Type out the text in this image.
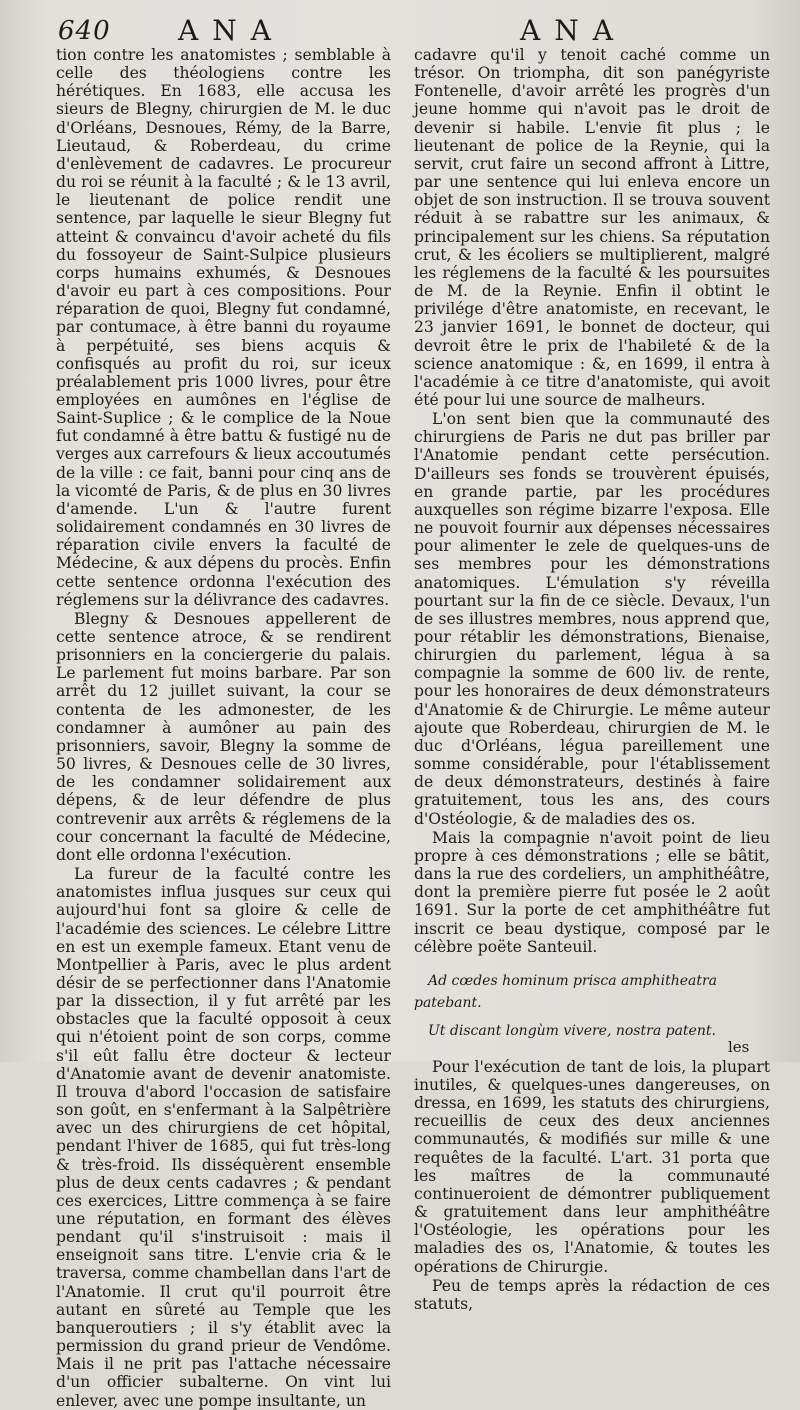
640 ANA	ANA

tion contre les anatomistes ; semblable à celle des théologiens contre les hérétiques. En 1683, elle accusa les sieurs de Blegny, chirurgien de M. le duc d'Orléans, Desnoues, Rémy, de la Barre, Lieutaud, & Roberdeau, du crime d'enlèvement de cadavres. Le procureur du roi se réunit à la faculté ; & le 13 avril, le lieutenant de police rendit une sentence, par laquelle le sieur Blegny fut atteint & convaincu d'avoir acheté du fils du fossoyeur de Saint-Sulpice plusieurs corps humains exhumés, & Desnoues d'avoir eu part à ces compositions. Pour réparation de quoi, Blegny fut condamné, par contumace, à être banni du royaume à perpétuité, ses biens acquis & confisqués au profit du roi, sur iceux préalablement pris 1000 livres, pour être employées en aumônes en l'église de Saint-Suplice ; & le complice de la Noue fut condamné à être battu & fustigé nu de verges aux carrefours & lieux accoutumés de la ville : ce fait, banni pour cinq ans de la vicomté de Paris, & de plus en 30 livres d'amende. L'un & l'autre furent solidairement condamnés en 30 livres de réparation civile envers la faculté de Médecine, & aux dépens du procès. Enfin cette sentence ordonna l'exécution des réglemens sur la délivrance des cadavres.

Blegny & Desnoues appellerent de cette sentence atroce, & se rendirent prisonniers en la conciergerie du palais. Le parlement fut moins barbare. Par son arrêt du 12 juillet suivant, la cour se contenta de les admonester, de les condamner à aumôner au pain des prisonniers, savoir, Blegny la somme de 50 livres, & Desnoues celle de 30 livres, de les condamner solidairement aux dépens, & de leur défendre de plus contrevenir aux arrêts & réglemens de la cour concernant la faculté de Médecine, dont elle ordonna l'exécution.

La fureur de la faculté contre les anatomistes influa jusques sur ceux qui aujourd'hui font sa gloire & celle de l'académie des sciences. Le célebre Littre en est un exemple fameux. Etant venu de Montpellier à Paris, avec le plus ardent désir de se perfectionner dans l'Anatomie par la dissection, il y fut arrêté par les obstacles que la faculté opposoit à ceux qui n'étoient point de son corps, comme s'il eût fallu être docteur & lecteur d'Anatomie avant de devenir anatomiste. Il trouva d'abord l'occasion de satisfaire son goût, en s'enfermant à la Salpêtrière avec un des chirurgiens de cet hôpital, pendant l'hiver de 1685, qui fut très-long & très-froid. Ils disséquèrent ensemble plus de deux cents cadavres ; & pendant ces exercices, Littre commença à se faire une réputation, en formant des élèves pendant qu'il s'instruisoit : mais il enseignoit sans titre. L'envie cria & le traversa, comme chambellan dans l'art de l'Anatomie. Il crut qu'il pourroit être autant en sûreté au Temple que les banqueroutiers ; il s'y établit avec la permission du grand prieur de Vendôme. Mais il ne prit pas l'attache nécessaire d'un officier subalterne. On vint lui enlever, avec une pompe insultante, un

cadavre qu'il y tenoit caché comme un trésor. On triompha, dit son panégyriste Fontenelle, d'avoir arrêté les progrès d'un jeune homme qui n'avoit pas le droit de devenir si habile. L'envie fit plus ; le lieutenant de police de la Reynie, qui la servit, crut faire un second affront à Littre, par une sentence qui lui enleva encore un objet de son instruction. Il se trouva souvent réduit à se rabattre sur les animaux, & principalement sur les chiens. Sa réputation crut, & les écoliers se multiplierent, malgré les réglemens de la faculté & les poursuites de M. de la Reynie. Enfin il obtint le privilége d'être anatomiste, en recevant, le 23 janvier 1691, le bonnet de docteur, qui devroit être le prix de l'habileté & de la science anatomique : &, en 1699, il entra à l'académie à ce titre d'anatomiste, qui avoit été pour lui une source de malheurs.

L'on sent bien que la communauté des chirurgiens de Paris ne dut pas briller par l'Anatomie pendant cette persécution. D'ailleurs ses fonds se trouvèrent épuisés, en grande partie, par les procédures auxquelles son régime bizarre l'exposa. Elle ne pouvoit fournir aux dépenses nécessaires pour alimenter le zele de quelques-uns de ses membres pour les démonstrations anatomiques. L'émulation s'y réveilla pourtant sur la fin de ce siècle. Devaux, l'un de ses illustres membres, nous apprend que, pour rétablir les démonstrations, Bienaise, chirurgien du parlement, légua à sa compagnie la somme de 600 liv. de rente, pour les honoraires de deux démonstrateurs d'Anatomie & de Chirurgie. Le même auteur ajoute que Roberdeau, chirurgien de M. le duc d'Orléans, légua pareillement une somme considérable, pour l'établissement de deux démonstrateurs, destinés à faire gratuitement, tous les ans, des cours d'Ostéologie, & de maladies des os.

Mais la compagnie n'avoit point de lieu propre à ces démonstrations ; elle se bâtit, dans la rue des cordeliers, un amphithéâtre, dont la première pierre fut posée le 2 août 1691. Sur la porte de cet amphithéâtre fut inscrit ce beau dystique, composé par le célèbre poëte Santeuil.

Ad cœdes hominum prisca amphitheatra patebant.

Ut discant longùm vivere, nostra patent.

Pour l'exécution de tant de lois, la plupart inutiles, & quelques-unes dangereuses, on dressa, en 1699, les statuts des chirurgiens, recueillis de ceux des deux anciennes communautés, & modifiés sur mille & une requêtes de la faculté. L'art. 31 porta que les maîtres de la communauté continueroient de démontrer publiquement & gratuitement dans leur amphithéâtre l'Ostéologie, les opérations pour les maladies des os, l'Anatomie, & toutes les opérations de Chirurgie.

Peu de temps après la rédaction de ces statuts,

les
